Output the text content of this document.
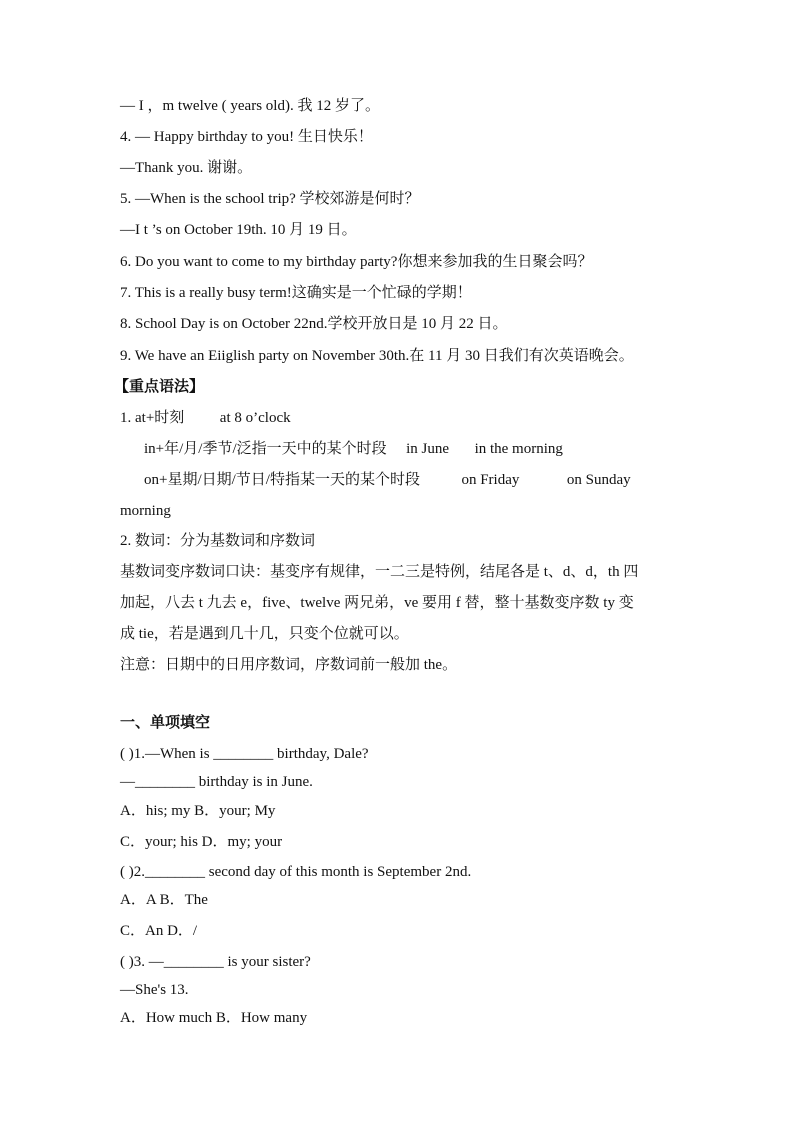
— I ，m twelve ( years old). 我 12 岁了。
4. — Happy birthday to you! 生日快乐！
—Thank you. 谢谢。
5. —When is the school trip? 学校郊游是何时？
—I t ’s on October 19th. 10 月 19 日。
6. Do you want to come to my birthday party?你想来参加我的生日聚会吗？
7. This is a really busy term!这确实是一个忙碌的学期！
8. School Day is on October 22nd.学校开放日是 10 月 22 日。
9. We have an Eiiglish party on November 30th.在 11 月 30 日我们有次英语晚会。
【重点语法】
1. at+时刻 at 8 o’clock
in+年/月/季节/泛指一天中的某个时段 in June in the morning
on+星期/日期/节日/特指某一天的某个时段	on Friday	on Sunday
morning
2. 数词：分为基数词和序数词
基数词变序数词口诀：基变序有规律，一二三是特例，结尾各是 t、d、d，th 四
加起，八去 t 九去 e，five、twelve 两兄弟，ve 要用 f 替，整十基数变序数 ty 变
成 tie，若是遇到几十几，只变个位就可以。
注意：日期中的日用序数词，序数词前一般加 the。
一、单项填空
( )1.—When is ________ birthday, Dale?
—________ birthday is in June.
A．his; my B．your; My
C．your; his D．my; your
( )2.________ second day of this month is September 2nd.
A．A B．The
C．An D．/
( )3. —________ is your sister?
—She's 13.
A．How much B．How many
